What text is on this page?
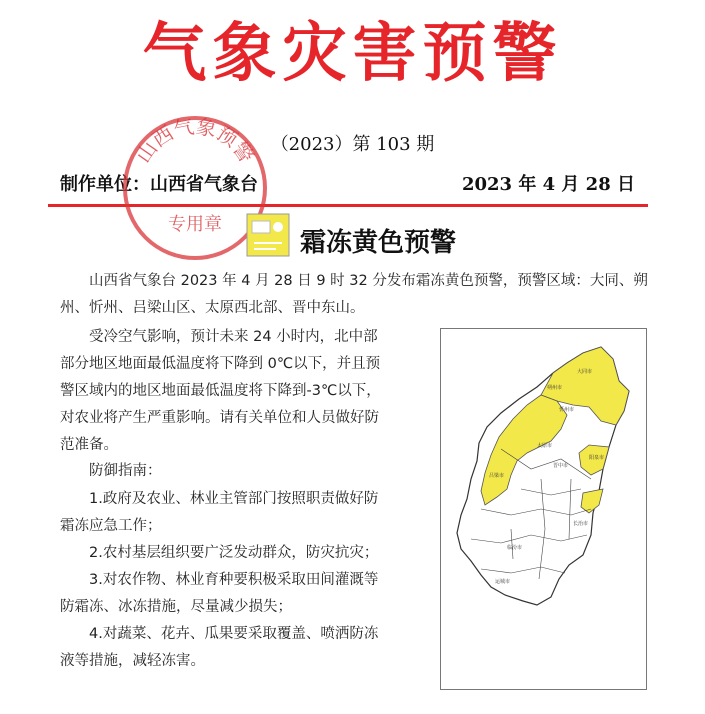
气象灾害预警
（2023）第 103 期
制作单位：山西省气象台	2023 年 4 月 28 日
山西气象预警
专用章
霜冻黄色预警
山西省气象台 2023 年 4 月 28 日 9 时 32 分发布霜冻黄色预警，预警区域：大同、朔州、忻州、吕梁山区、太原西北部、晋中东山。
受冷空气影响，预计未来 24 小时内，北中部部分地区地面最低温度将下降到 0℃以下，并且预警区域内的地区地面最低温度将下降到-3℃以下，对农业将产生严重影响。请有关单位和人员做好防范准备。
防御指南：
1.政府及农业、林业主管部门按照职责做好防霜冻应急工作；
2.农村基层组织要广泛发动群众，防灾抗灾；
3.对农作物、林业育种要积极采取田间灌溉等防霜冻、冰冻措施，尽量减少损失；
4.对蔬菜、花卉、瓜果要采取覆盖、喷洒防冻液等措施，减轻冻害。
大同市
朔州市
忻州市
吕梁市
太原市
晋中市
阳泉市
长治市
临汾市
运城市
